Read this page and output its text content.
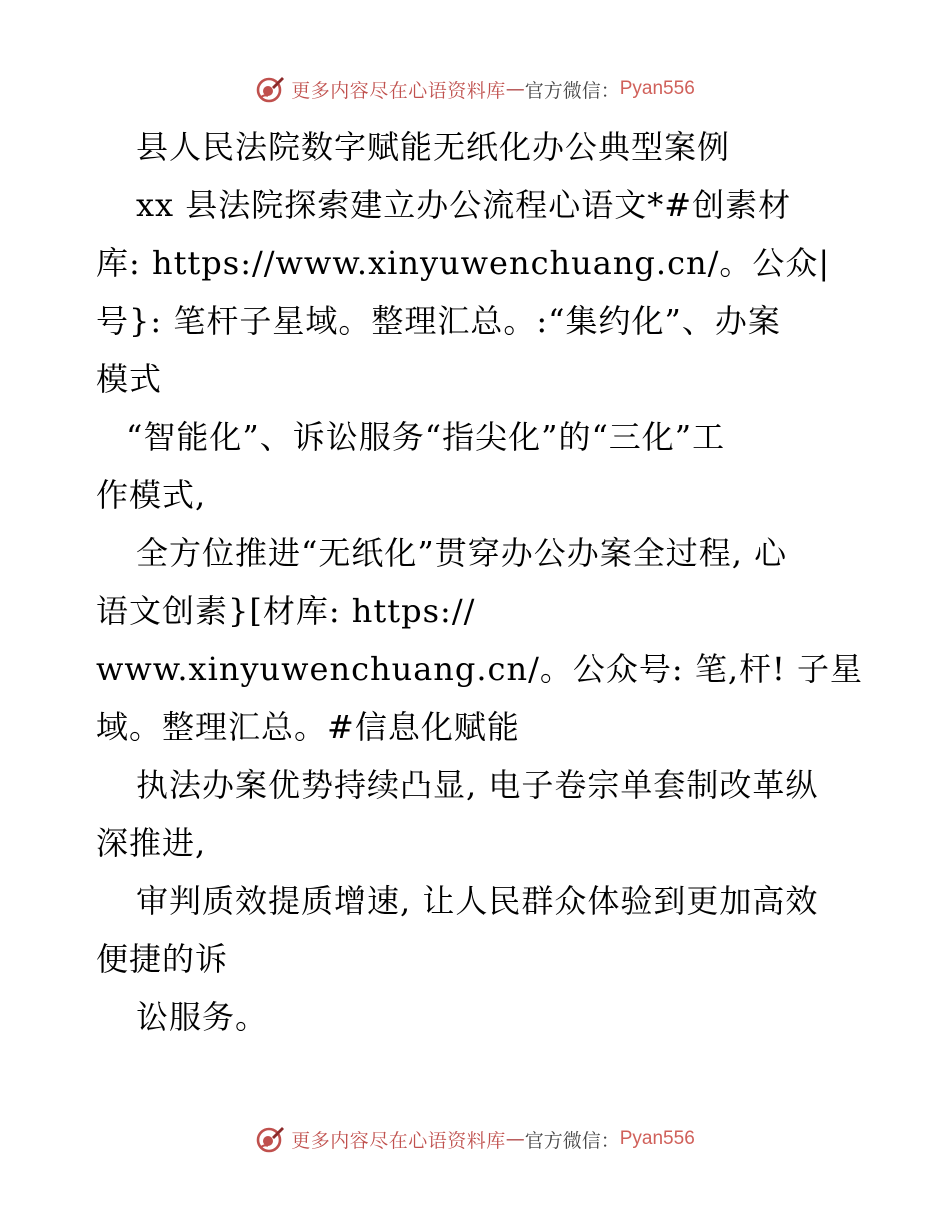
更多内容尽在心语资料库 — 官方微信： Pyan556
县人民法院数字赋能无纸化办公典型案例
xx 县法院探索建立办公流程心语文*#创素材
库: https://www.xinyuwenchuang.cn/。公众|
号}: 笔杆子星域。整理汇总。:“集约化”、办案
模式
“智能化”、诉讼服务“指尖化”的“三化”工
作模式,
全方位推进“无纸化”贯穿办公办案全过程, 心
语文创素}[材库: https://
www.xinyuwenchuang.cn/。公众号: 笔,杆! 子星
域。整理汇总。#信息化赋能
执法办案优势持续凸显, 电子卷宗单套制改革纵
深推进,
审判质效提质增速, 让人民群众体验到更加高效
便捷的诉
讼服务。
更多内容尽在心语资料库 — 官方微信： Pyan556
